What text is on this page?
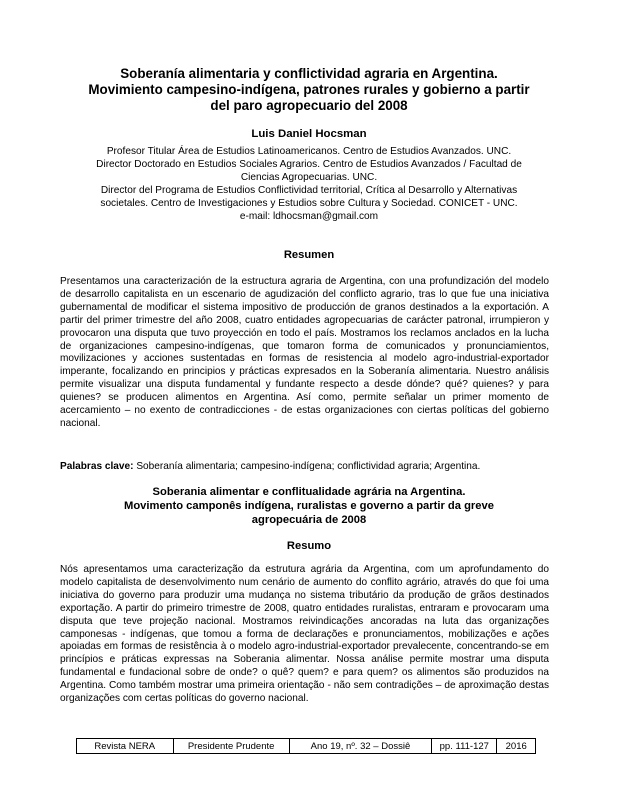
Soberanía alimentaria y conflictividad agraria en Argentina.
Movimiento campesino-indígena, patrones rurales y gobierno a partir
del paro agropecuario del 2008
Luis Daniel Hocsman
Profesor Titular Área de Estudios Latinoamericanos. Centro de Estudios Avanzados. UNC.
Director Doctorado en Estudios Sociales Agrarios. Centro de Estudios Avanzados / Facultad de
Ciencias Agropecuarias. UNC.
Director del Programa de Estudios Conflictividad territorial, Crítica al Desarrollo y Alternativas
societales. Centro de Investigaciones y Estudios sobre Cultura y Sociedad. CONICET - UNC.
e-mail: ldhocsman@gmail.com
Resumen
Presentamos una caracterización de la estructura agraria de Argentina, con una profundización del modelo de desarrollo capitalista en un escenario de agudización del conflicto agrario, tras lo que fue una iniciativa gubernamental de modificar el sistema impositivo de producción de granos destinados a la exportación. A partir del primer trimestre del año 2008, cuatro entidades agropecuarias de carácter patronal, irrumpieron y provocaron una disputa que tuvo proyección en todo el país. Mostramos los reclamos anclados en la lucha de organizaciones campesino-indígenas, que tomaron forma de comunicados y pronunciamientos, movilizaciones y acciones sustentadas en formas de resistencia al modelo agro-industrial-exportador imperante, focalizando en principios y prácticas expresados en la Soberanía alimentaria. Nuestro análisis permite visualizar una disputa fundamental y fundante respecto a desde dónde? qué? quienes? y para quienes? se producen alimentos en Argentina. Así como, permite señalar un primer momento de acercamiento – no exento de contradicciones - de estas organizaciones con ciertas políticas del gobierno nacional.
Palabras clave: Soberanía alimentaria; campesino-indígena; conflictividad agraria; Argentina.
Soberania alimentar e conflitualidade agrária na Argentina.
Movimento camponês indígena, ruralistas e governo a partir da greve
agropecuária de 2008
Resumo
Nós apresentamos uma caracterização da estrutura agrária da Argentina, com um aprofundamento do modelo capitalista de desenvolvimento num cenário de aumento do conflito agrário, através do que foi uma iniciativa do governo para produzir uma mudança no sistema tributário da produção de grãos destinados exportação. A partir do primeiro trimestre de 2008, quatro entidades ruralistas, entraram e provocaram uma disputa que teve projeção nacional. Mostramos reivindicações ancoradas na luta das organizações camponesas - indígenas, que tomou a forma de declarações e pronunciamentos, mobilizações e ações apoiadas em formas de resistência à o modelo agro-industrial-exportador prevalecente, concentrando-se em princípios e práticas expressas na Soberania alimentar. Nossa análise permite mostrar uma disputa fundamental e fundacional sobre de onde? o quê? quem? e para quem? os alimentos são produzidos na Argentina. Como também mostrar uma primeira orientação - não sem contradições – de aproximação destas organizações com certas políticas do governo nacional.
Revista NERA	Presidente Prudente	Ano 19, nº. 32 – Dossiê	pp. 111-127	2016
